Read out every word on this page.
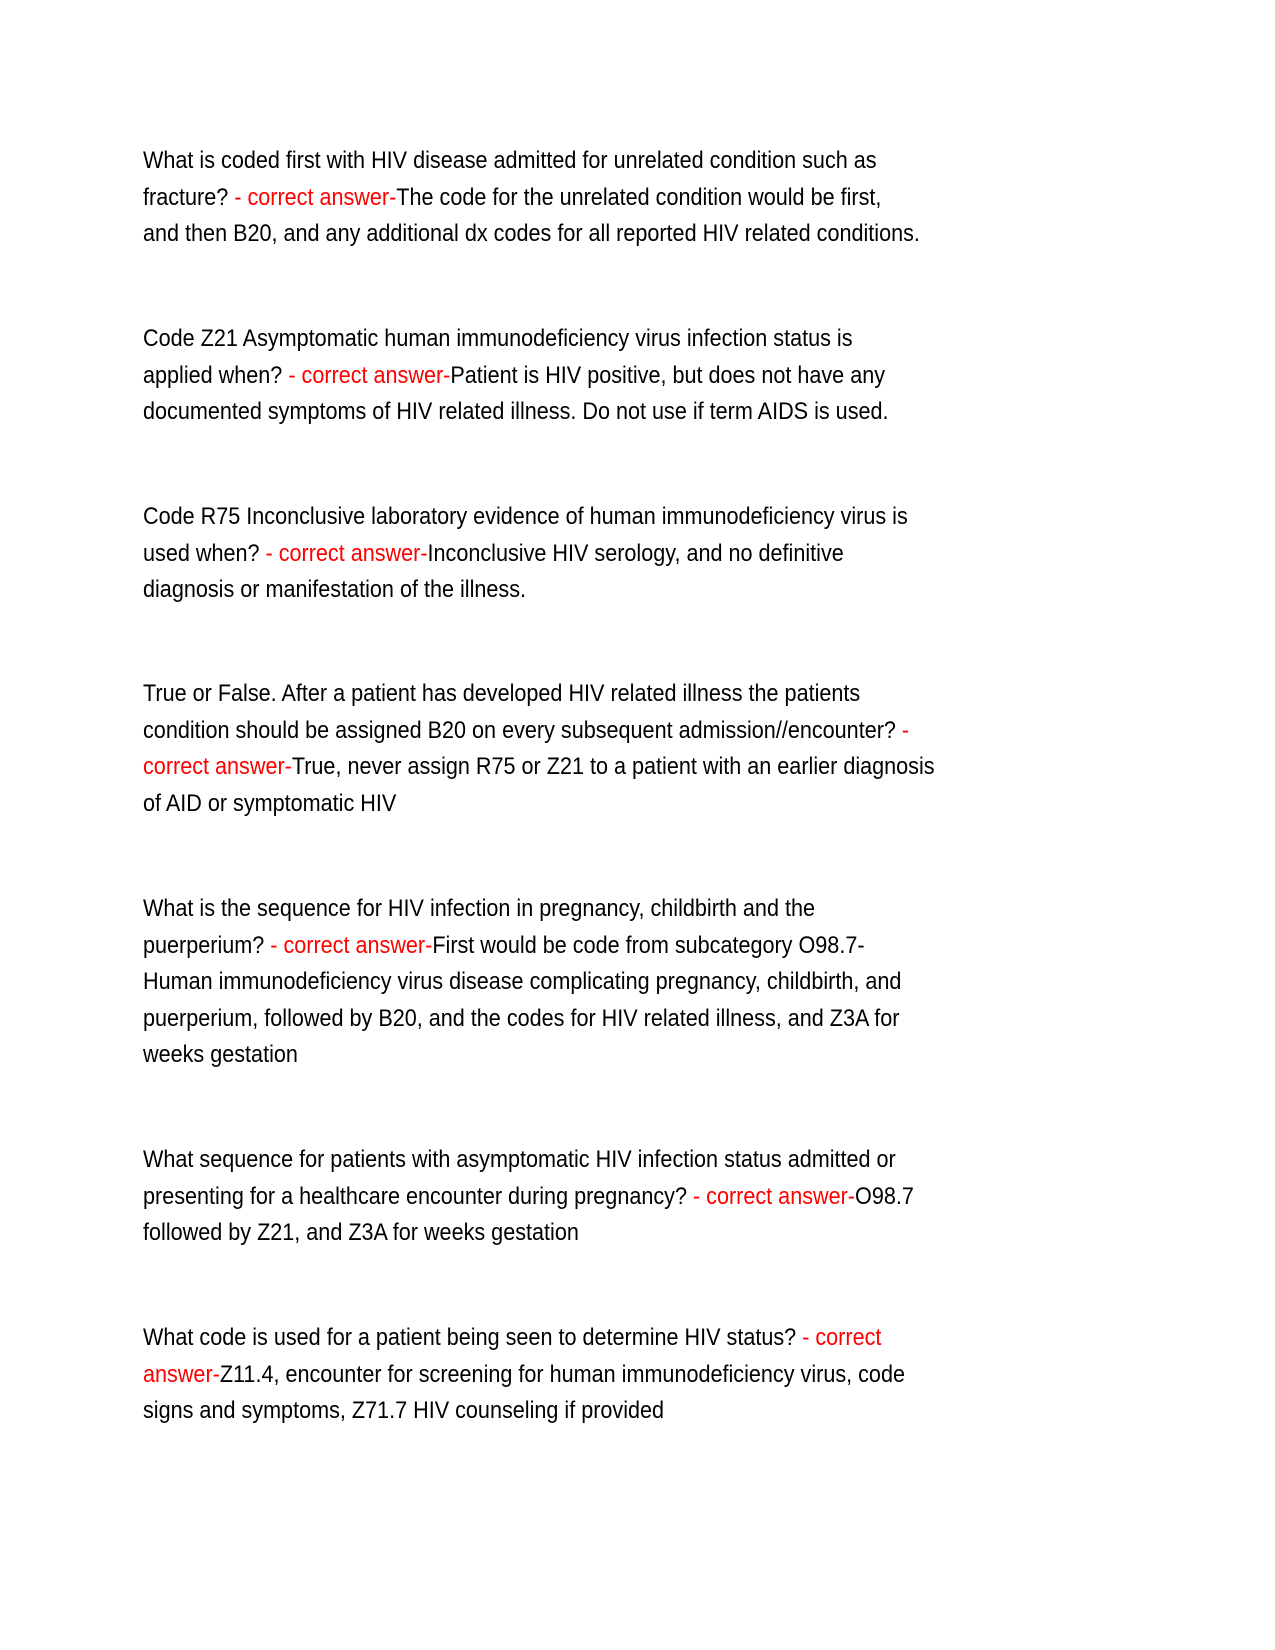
What is coded first with HIV disease admitted for unrelated condition such as
fracture? - correct answer-The code for the unrelated condition would be first,
and then B20, and any additional dx codes for all reported HIV related conditions.
Code Z21 Asymptomatic human immunodeficiency virus infection status is
applied when? - correct answer-Patient is HIV positive, but does not have any
documented symptoms of HIV related illness. Do not use if term AIDS is used.
Code R75 Inconclusive laboratory evidence of human immunodeficiency virus is
used when? - correct answer-Inconclusive HIV serology, and no definitive
diagnosis or manifestation of the illness.
True or False. After a patient has developed HIV related illness the patients
condition should be assigned B20 on every subsequent admission//encounter? -
correct answer-True, never assign R75 or Z21 to a patient with an earlier diagnosis
of AID or symptomatic HIV
What is the sequence for HIV infection in pregnancy, childbirth and the
puerperium? - correct answer-First would be code from subcategory O98.7-
Human immunodeficiency virus disease complicating pregnancy, childbirth, and
puerperium, followed by B20, and the codes for HIV related illness, and Z3A for
weeks gestation
What sequence for patients with asymptomatic HIV infection status admitted or
presenting for a healthcare encounter during pregnancy? - correct answer-O98.7
followed by Z21, and Z3A for weeks gestation
What code is used for a patient being seen to determine HIV status? - correct
answer-Z11.4, encounter for screening for human immunodeficiency virus, code
signs and symptoms, Z71.7 HIV counseling if provided
